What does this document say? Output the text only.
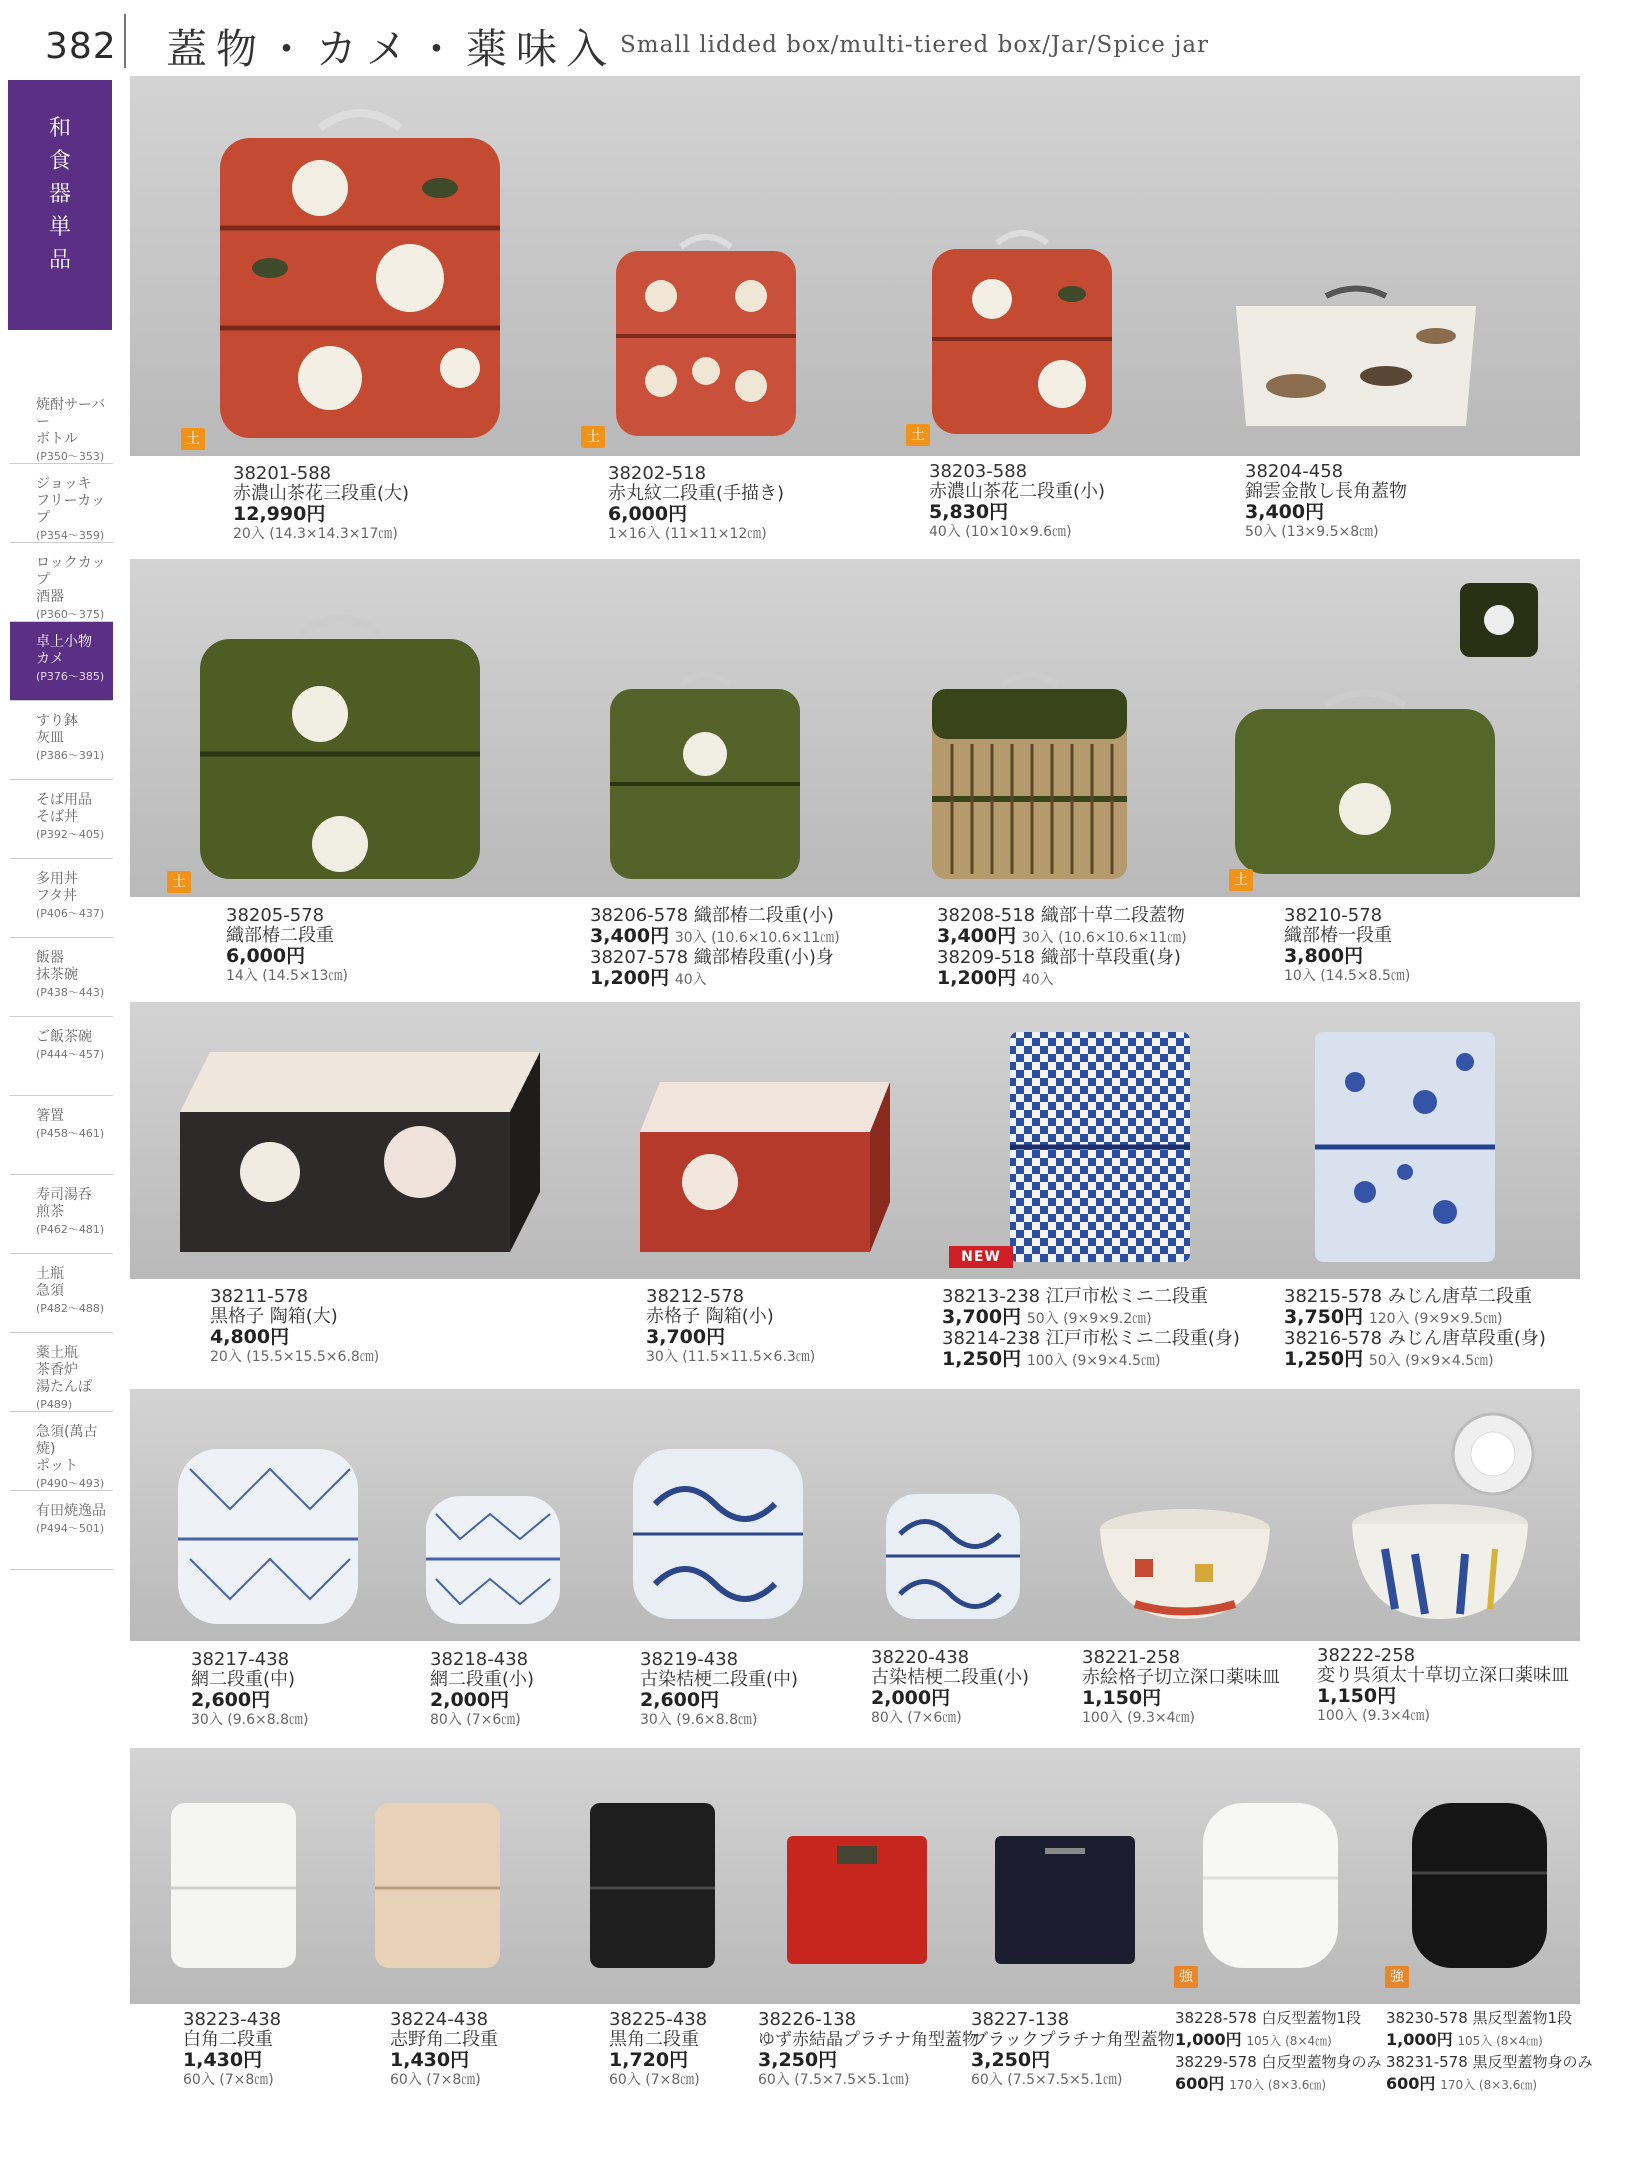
382 蓋物・カメ・薬味入 Small lidded box/multi-tiered box/Jar/Spice jar
和
食
器
単
品
焼酎サーバー
ボトル
(P350～353)
ジョッキ
フリーカップ
(P354～359)
ロックカップ
酒器
(P360～375)
卓上小物
カメ
(P376～385)
すり鉢
灰皿
(P386～391)
そば用品
そば丼
(P392～405)
多用丼
フタ丼
(P406～437)
飯器
抹茶碗
(P438～443)
ご飯茶碗
(P444～457)
箸置
(P458～461)
寿司湯呑
煎茶
(P462～481)
土瓶
急須
(P482～488)
薬土瓶
茶香炉
湯たんぽ
(P489)
急須(萬古焼)
ポット
(P490～493)
有田焼逸品
(P494～501)
土	土	土
38201-588
赤濃山茶花三段重(大)
12,990円
20入 (14.3×14.3×17㎝)
38202-518
赤丸紋二段重(手描き)
6,000円
1×16入 (11×11×12㎝)
38203-588
赤濃山茶花二段重(小)
5,830円
40入 (10×10×9.6㎝)
38204-458
錦雲金散し長角蓋物
3,400円
50入 (13×9.5×8㎝)
土	土
38205-578
織部椿二段重
6,000円
14入 (14.5×13㎝)
38206-578 織部椿二段重(小)
3,400円 30入 (10.6×10.6×11㎝)
38207-578 織部椿段重(小)身
1,200円 40入
38208-518 織部十草二段蓋物
3,400円 30入 (10.6×10.6×11㎝)
38209-518 織部十草段重(身)
1,200円 40入
38210-578
織部椿一段重
3,800円
10入 (14.5×8.5㎝)
NEW
38211-578
黒格子 陶箱(大)
4,800円
20入 (15.5×15.5×6.8㎝)
38212-578
赤格子 陶箱(小)
3,700円
30入 (11.5×11.5×6.3㎝)
38213-238 江戸市松ミニ二段重
3,700円 50入 (9×9×9.2㎝)
38214-238 江戸市松ミニ二段重(身)
1,250円 100入 (9×9×4.5㎝)
38215-578 みじん唐草二段重
3,750円 120入 (9×9×9.5㎝)
38216-578 みじん唐草段重(身)
1,250円 50入 (9×9×4.5㎝)
38217-438
網二段重(中)
2,600円
30入 (9.6×8.8㎝)
38218-438
網二段重(小)
2,000円
80入 (7×6㎝)
38219-438
古染桔梗二段重(中)
2,600円
30入 (9.6×8.8㎝)
38220-438
古染桔梗二段重(小)
2,000円
80入 (7×6㎝)
38221-258
赤絵格子切立深口薬味皿
1,150円
100入 (9.3×4㎝)
38222-258
変り呉須太十草切立深口薬味皿
1,150円
100入 (9.3×4㎝)
強	強
38223-438
白角二段重
1,430円
60入 (7×8㎝)
38224-438
志野角二段重
1,430円
60入 (7×8㎝)
38225-438
黒角二段重
1,720円
60入 (7×8㎝)
38226-138
ゆず赤結晶プラチナ角型蓋物
3,250円
60入 (7.5×7.5×5.1㎝)
38227-138
ブラックプラチナ角型蓋物
3,250円
60入 (7.5×7.5×5.1㎝)
38228-578 白反型蓋物1段
1,000円 105入 (8×4㎝)
38229-578 白反型蓋物身のみ
600円 170入 (8×3.6㎝)
38230-578 黒反型蓋物1段
1,000円 105入 (8×4㎝)
38231-578 黒反型蓋物身のみ
600円 170入 (8×3.6㎝)
